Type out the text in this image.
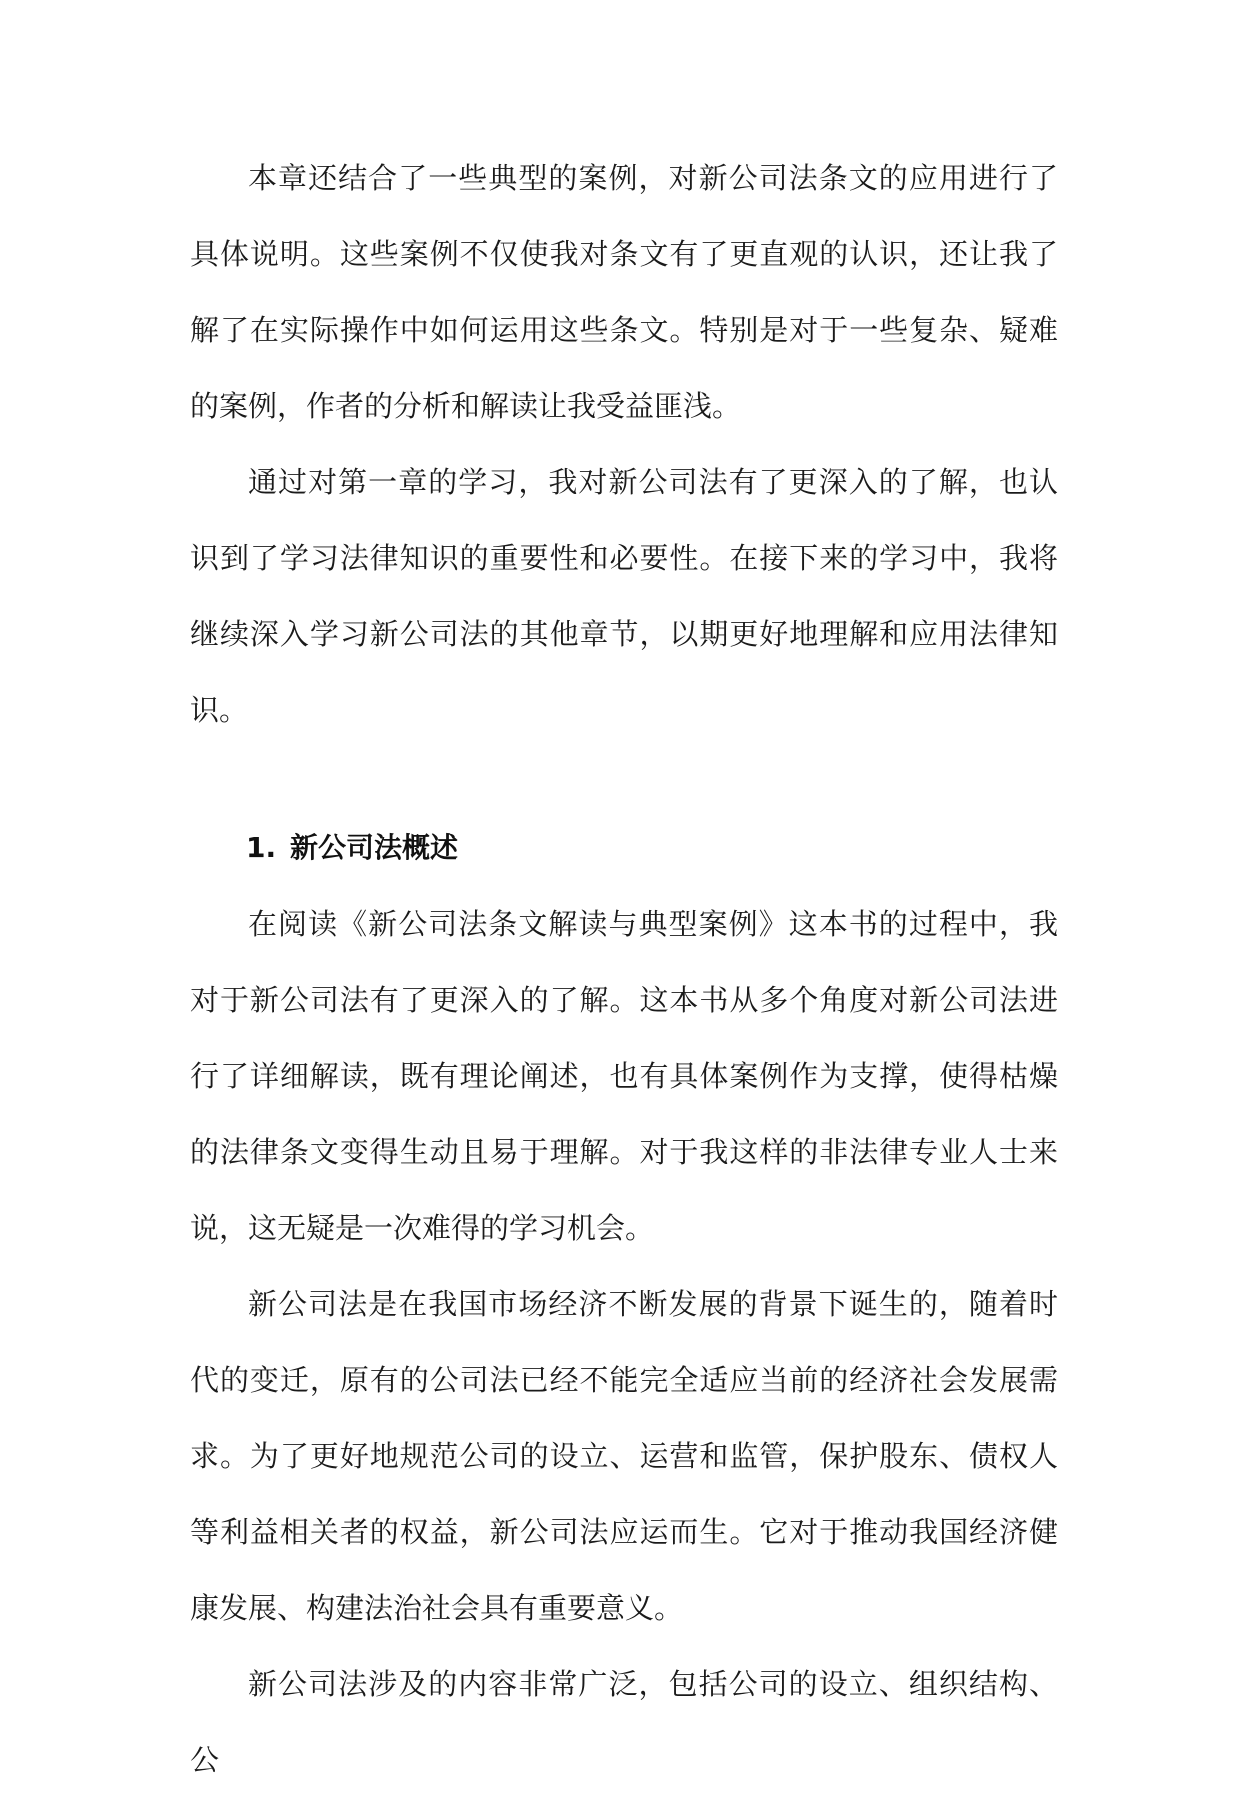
本章还结合了一些典型的案例，对新公司法条文的应用进行了具体说明。这些案例不仅使我对条文有了更直观的认识，还让我了解了在实际操作中如何运用这些条文。特别是对于一些复杂、疑难的案例，作者的分析和解读让我受益匪浅。

通过对第一章的学习，我对新公司法有了更深入的了解，也认识到了学习法律知识的重要性和必要性。在接下来的学习中，我将继续深入学习新公司法的其他章节，以期更好地理解和应用法律知识。

1. 新公司法概述

在阅读《新公司法条文解读与典型案例》这本书的过程中，我对于新公司法有了更深入的了解。这本书从多个角度对新公司法进行了详细解读，既有理论阐述，也有具体案例作为支撑，使得枯燥的法律条文变得生动且易于理解。对于我这样的非法律专业人士来说，这无疑是一次难得的学习机会。

新公司法是在我国市场经济不断发展的背景下诞生的，随着时代的变迁，原有的公司法已经不能完全适应当前的经济社会发展需求。为了更好地规范公司的设立、运营和监管，保护股东、债权人等利益相关者的权益，新公司法应运而生。它对于推动我国经济健康发展、构建法治社会具有重要意义。

新公司法涉及的内容非常广泛，包括公司的设立、组织结构、公
